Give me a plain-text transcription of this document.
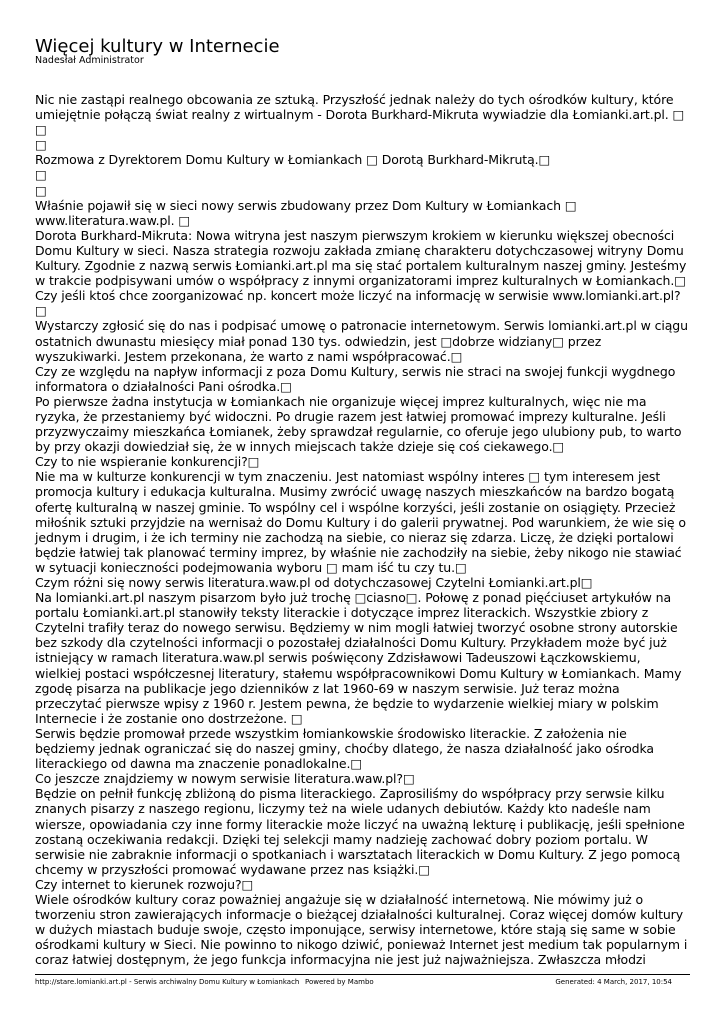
Więcej kultury w Internecie
Nadesłał Administrator

Nic nie zastąpi realnego obcowania ze sztuką. Przyszłość jednak należy do tych ośrodków kultury, które umiejętnie połączą świat realny z wirtualnym - Dorota Burkhard-Mikruta wywiadzie dla Łomianki.art.pl. □

□

□

Rozmowa z Dyrektorem Domu Kultury w Łomiankach □ Dorotą Burkhard-Mikrutą.□

□

□

Właśnie pojawił się w sieci nowy serwis zbudowany przez Dom Kultury w Łomiankach □ www.literatura.waw.pl. □

Dorota Burkhard-Mikruta: Nowa witryna jest naszym pierwszym krokiem w kierunku większej obecności Domu Kultury w sieci. Nasza strategia rozwoju zakłada zmianę charakteru dotychczasowej witryny Domu Kultury. Zgodnie z nazwą serwis Łomianki.art.pl ma się stać portalem kulturalnym naszej gminy. Jesteśmy w trakcie podpisywani umów o współpracy z innymi organizatorami imprez kulturalnych w Łomiankach.□

Czy jeśli ktoś chce zoorganizować np. koncert może liczyć na informację w serwisie www.lomianki.art.pl?□

Wystarczy zgłosić się do nas i podpisać umowę o patronacie internetowym. Serwis lomianki.art.pl w ciągu ostatnich dwunastu miesięcy miał ponad 130 tys. odwiedzin, jest □dobrze widziany□ przez wyszukiwarki. Jestem przekonana, że warto z nami współpracować.□

Czy ze względu na napływ informacji z poza Domu Kultury, serwis nie straci na swojej funkcji wygdnego informatora o działalności Pani ośrodka.□

Po pierwsze żadna instytucja w Łomiankach nie organizuje więcej imprez kulturalnych, więc nie ma ryzyka, że przestaniemy być widoczni. Po drugie razem jest łatwiej promować imprezy kulturalne. Jeśli przyzwyczaimy mieszkańca Łomianek, żeby sprawdzał regularnie, co oferuje jego ulubiony pub, to warto by przy okazji dowiedział się, że w innych miejscach także dzieje się coś ciekawego.□

Czy to nie wspieranie konkurencji?□

Nie ma w kulturze konkurencji w tym znaczeniu. Jest natomiast wspólny interes □ tym interesem jest promocja kultury i edukacja kulturalna. Musimy zwrócić uwagę naszych mieszkańców na bardzo bogatą ofertę kulturalną w naszej gminie. To wspólny cel i wspólne korzyści, jeśli zostanie on osiągięty. Przecież miłośnik sztuki przyjdzie na wernisaż do Domu Kultury i do galerii prywatnej. Pod warunkiem, że wie się o jednym i drugim, i że ich terminy nie zachodzą na siebie, co nieraz się zdarza. Liczę, że dzięki portalowi będzie łatwiej tak planować terminy imprez, by właśnie nie zachodziły na siebie, żeby nikogo nie stawiać w sytuacji konieczności podejmowania wyboru □ mam iść tu czy tu.□

Czym różni się nowy serwis literatura.waw.pl od dotychczasowej Czytelni Łomianki.art.pl□

Na lomianki.art.pl naszym pisarzom było już trochę □ciasno□. Połowę z ponad pięćciuset artykułów na portalu Łomianki.art.pl stanowiły teksty literackie i dotyczące imprez literackich. Wszystkie zbiory z Czytelni trafiły teraz do nowego serwisu. Będziemy w nim mogli łatwiej tworzyć osobne strony autorskie bez szkody dla czytelności informacji o pozostałej działalności Domu Kultury. Przykładem może być już istniejący w ramach literatura.waw.pl serwis poświęcony Zdzisławowi Tadeuszowi Łączkowskiemu, wielkiej postaci współczesnej literatury, stałemu współpracownikowi Domu Kultury w Łomiankach. Mamy zgodę pisarza na publikacje jego dzienników z lat 1960-69 w naszym serwisie. Już teraz można przeczytać pierwsze wpisy z 1960 r. Jestem pewna, że będzie to wydarzenie wielkiej miary w polskim Internecie i że zostanie ono dostrzeżone. □

Serwis będzie promował przede wszystkim łomiankowskie środowisko literackie. Z założenia nie będziemy jednak ograniczać się do naszej gminy, choćby dlatego, że nasza działalność jako ośrodka literackiego od dawna ma znaczenie ponadlokalne.□

Co jeszcze znajdziemy w nowym serwisie literatura.waw.pl?□

Będzie on pełnił funkcję zbliżoną do pisma literackiego. Zaprosiliśmy do współpracy przy serwsie kilku znanych pisarzy z naszego regionu, liczymy też na wiele udanych debiutów. Każdy kto nadeśle nam wiersze, opowiadania czy inne formy literackie może liczyć na uważną lekturę i publikację, jeśli spełnione zostaną oczekiwania redakcji. Dzięki tej selekcji mamy nadzieję zachować dobry poziom portalu. W serwisie nie zabraknie informacji o spotkaniach i warsztatach literackich w Domu Kultury. Z jego pomocą chcemy w przyszłości promować wydawane przez nas książki.□

Czy internet to kierunek rozwoju?□

Wiele ośrodków kultury coraz poważniej angażuje się w działalność internetową. Nie mówimy już o tworzeniu stron zawierających informacje o bieżącej działalności kulturalnej. Coraz więcej domów kultury w dużych miastach buduje swoje, często imponujące, serwisy internetowe, które stają się same w sobie ośrodkami kultury w Sieci. Nie powinno to nikogo dziwić, ponieważ Internet jest medium tak popularnym i coraz łatwiej dostępnym, że jego funkcja informacyjna nie jest już najważniejsza. Zwłaszcza młodzi

http://stare.lomianki.art.pl - Serwis archiwalny Domu Kultury w Łomiankach Powered by Mambo	Generated: 4 March, 2017, 10:54
